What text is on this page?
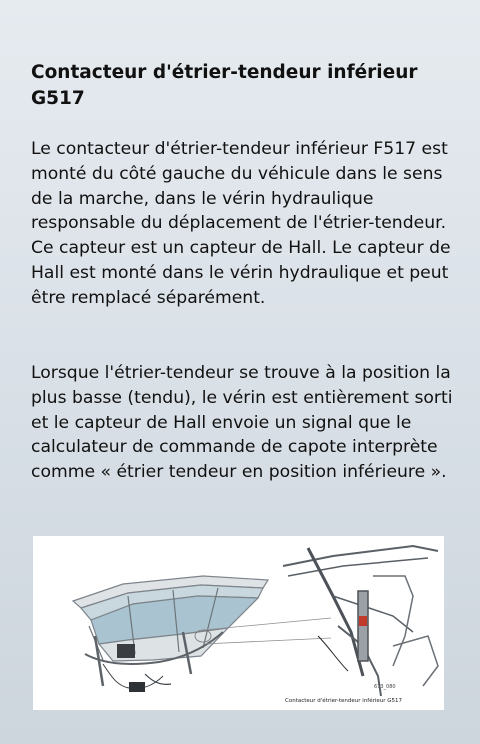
Contacteur d'étrier-tendeur inférieur G517

Le contacteur d'étrier-tendeur inférieur F517 est monté du côté gauche du véhicule dans le sens de la marche, dans le vérin hydraulique responsable du déplacement de l'étrier-tendeur. Ce capteur est un capteur de Hall. Le capteur de Hall est monté dans le vérin hydraulique et peut être remplacé séparément.

Lorsque l'étrier-tendeur se trouve à la position la plus basse (tendu), le vérin est entièrement sorti et le capteur de Hall envoie un signal que le calculateur de commande de capote interprète comme « étrier tendeur en position inférieure ».

673_080
Contacteur d'étrier-tendeur inférieur G517
